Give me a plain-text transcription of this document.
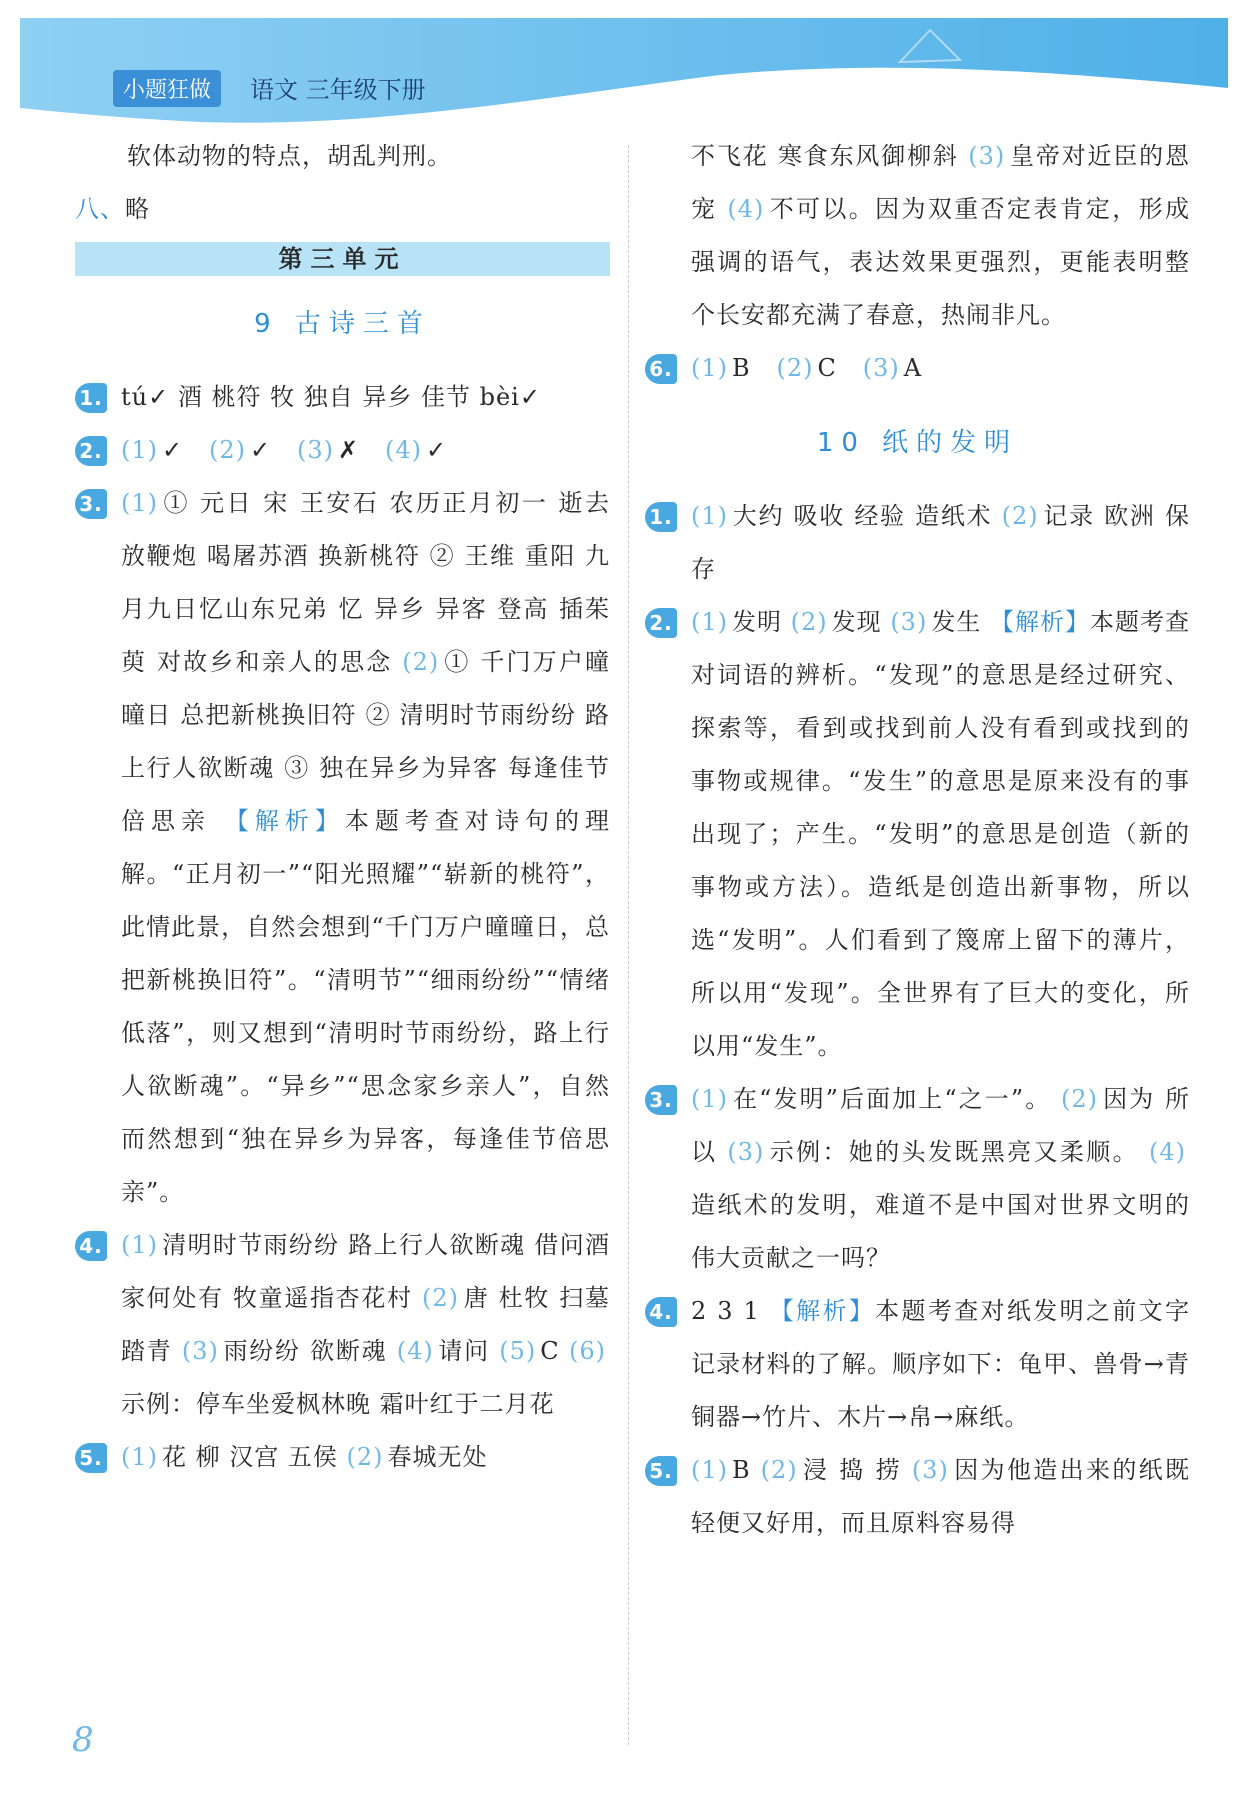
小题狂做	语文 三年级下册
软体动物的特点，胡乱判刑。
八、略
第三单元
9 古诗三首
1. tú✓ 酒 桃符 牧 独自 异乡 佳节 bèi✓
2. (1) ✓ (2) ✓ (3) ✗ (4) ✓
3. (1) ① 元日 宋 王安石 农历正月初一 逝去 放鞭炮 喝屠苏酒 换新桃符 ② 王维 重阳 九月九日忆山东兄弟 忆 异乡 异客 登高 插茱萸 对故乡和亲人的思念 (2) ① 千门万户曈曈日 总把新桃换旧符 ② 清明时节雨纷纷 路上行人欲断魂 ③ 独在异乡为异客 每逢佳节倍思亲 【解析】本题考查对诗句的理解。“正月初一”“阳光照耀”“崭新的桃符”，此情此景，自然会想到“千门万户曈曈日，总把新桃换旧符”。“清明节”“细雨纷纷”“情绪低落”，则又想到“清明时节雨纷纷，路上行人欲断魂”。“异乡”“思念家乡亲人”，自然而然想到“独在异乡为异客，每逢佳节倍思亲”。
4. (1) 清明时节雨纷纷 路上行人欲断魂 借问酒家何处有 牧童遥指杏花村 (2) 唐 杜牧 扫墓 踏青 (3) 雨纷纷 欲断魂 (4) 请问 (5) C (6)示例：停车坐爱枫林晚 霜叶红于二月花
5. (1) 花 柳 汉宫 五侯 (2) 春城无处
不飞花 寒食东风御柳斜 (3) 皇帝对近臣的恩宠 (4) 不可以。因为双重否定表肯定，形成强调的语气，表达效果更强烈，更能表明整个长安都充满了春意，热闹非凡。
6. (1) B (2) C (3) A
10 纸的发明
1. (1) 大约 吸收 经验 造纸术 (2) 记录 欧洲 保存
2. (1) 发明 (2) 发现 (3) 发生 【解析】本题考查对词语的辨析。“发现”的意思是经过研究、探索等，看到或找到前人没有看到或找到的事物或规律。“发生”的意思是原来没有的事出现了；产生。“发明”的意思是创造（新的事物或方法）。造纸是创造出新事物，所以选“发明”。人们看到了篾席上留下的薄片，所以用“发现”。全世界有了巨大的变化，所以用“发生”。
3. (1) 在“发明”后面加上“之一”。 (2) 因为 所以 (3) 示例：她的头发既黑亮又柔顺。 (4)造纸术的发明，难道不是中国对世界文明的伟大贡献之一吗？
4. 2 3 1 【解析】本题考查对纸发明之前文字记录材料的了解。顺序如下：龟甲、兽骨→青铜器→竹片、木片→帛→麻纸。
5. (1) B (2) 浸 捣 捞 (3) 因为他造出来的纸既轻便又好用，而且原料容易得
8
